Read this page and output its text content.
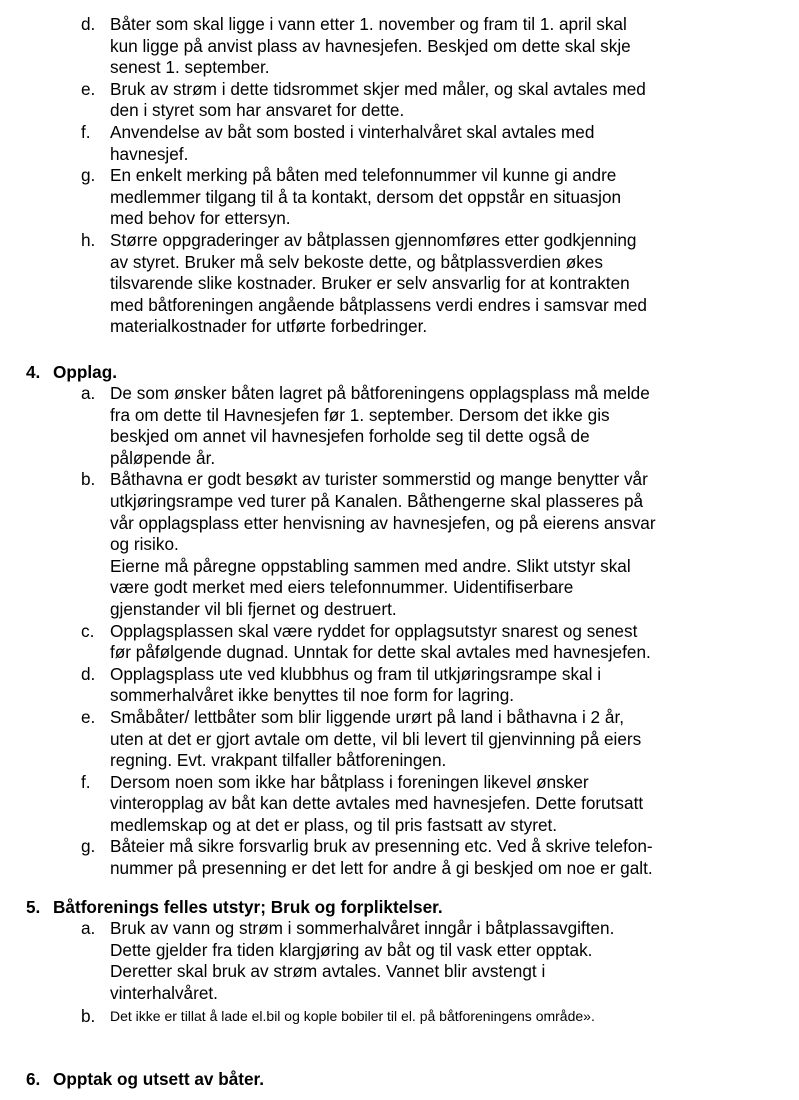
d. Båter som skal ligge i vann etter 1. november og fram til 1. april skal
kun ligge på anvist plass av havnesjefen. Beskjed om dette skal skje
senest 1. september.
e. Bruk av strøm i dette tidsrommet skjer med måler, og skal avtales med
den i styret som har ansvaret for dette.
f. Anvendelse av båt som bosted i vinterhalvåret skal avtales med
havnesjef.
g. En enkelt merking på båten med telefonnummer vil kunne gi andre
medlemmer tilgang til å ta kontakt, dersom det oppstår en situasjon
med behov for ettersyn.
h. Større oppgraderinger av båtplassen gjennomføres etter godkjenning
av styret. Bruker må selv bekoste dette, og båtplassverdien økes
tilsvarende slike kostnader. Bruker er selv ansvarlig for at kontrakten
med båtforeningen angående båtplassens verdi endres i samsvar med
materialkostnader for utførte forbedringer.
4. Opplag.
a. De som ønsker båten lagret på båtforeningens opplagsplass må melde
fra om dette til Havnesjefen før 1. september. Dersom det ikke gis
beskjed om annet vil havnesjefen forholde seg til dette også de
påløpende år.
b. Båthavna er godt besøkt av turister sommerstid og mange benytter vår
utkjøringsrampe ved turer på Kanalen. Båthengerne skal plasseres på
vår opplagsplass etter henvisning av havnesjefen, og på eierens ansvar
og risiko.
Eierne må påregne oppstabling sammen med andre. Slikt utstyr skal
være godt merket med eiers telefonnummer. Uidentifiserbare
gjenstander vil bli fjernet og destruert.
c. Opplagsplassen skal være ryddet for opplagsutstyr snarest og senest
før påfølgende dugnad. Unntak for dette skal avtales med havnesjefen.
d. Opplagsplass ute ved klubbhus og fram til utkjøringsrampe skal i
sommerhalvåret ikke benyttes til noe form for lagring.
e. Småbåter/ lettbåter som blir liggende urørt på land i båthavna i 2 år,
uten at det er gjort avtale om dette, vil bli levert til gjenvinning på eiers
regning. Evt. vrakpant tilfaller båtforeningen.
f. Dersom noen som ikke har båtplass i foreningen likevel ønsker
vinteropplag av båt kan dette avtales med havnesjefen. Dette forutsatt
medlemskap og at det er plass, og til pris fastsatt av styret.
g. Båteier må sikre forsvarlig bruk av presenning etc. Ved å skrive telefon-
nummer på presenning er det lett for andre å gi beskjed om noe er galt.
5. Båtforenings felles utstyr; Bruk og forpliktelser.
a. Bruk av vann og strøm i sommerhalvåret inngår i båtplassavgiften.
Dette gjelder fra tiden klargjøring av båt og til vask etter opptak.
Deretter skal bruk av strøm avtales. Vannet blir avstengt i
vinterhalvåret.
b. Det ikke er tillat å lade el.bil og kople bobiler til el. på båtforeningens område».
6. Opptak og utsett av båter.
